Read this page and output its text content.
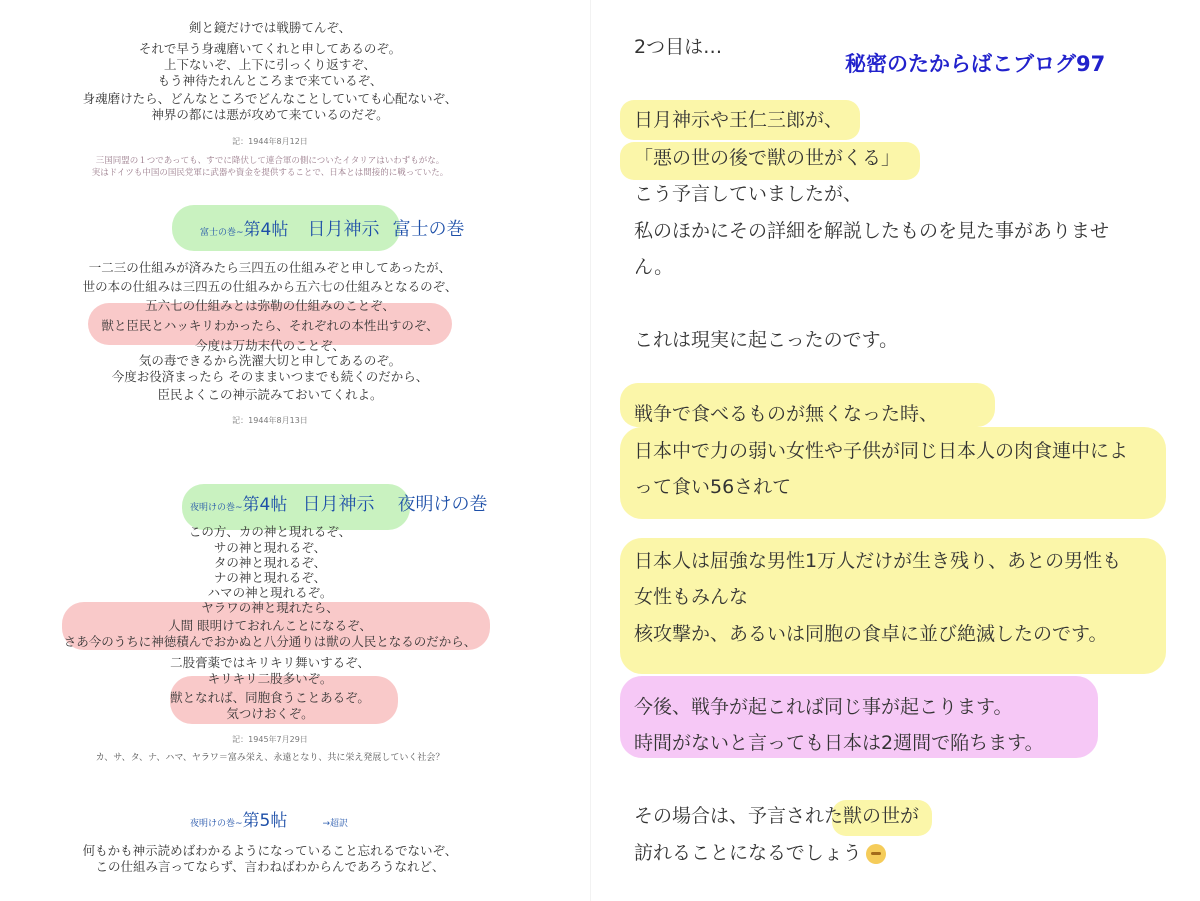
剣と鏡だけでは戦勝てんぞ、
それで早う身魂磨いてくれと申してあるのぞ。
上下ないぞ、上下に引っくり返すぞ、
もう神待たれんところまで来ているぞ、
身魂磨けたら、どんなところでどんなことしていても心配ないぞ、
神界の都には悪が攻めて来ているのだぞ。
記：1944年8月12日
三国同盟の１つであっても、すでに降伏して連合軍の側についたイタリアはいわずもがな。
実はドイツも中国の国民党軍に武器や資金を提供することで、日本とは間接的に戦っていた。
富士の巻~第4帖 日月神示 富士の巻
一二三の仕組みが済みたら三四五の仕組みぞと申してあったが、
世の本の仕組みは三四五の仕組みから五六七の仕組みとなるのぞ、
五六七の仕組みとは弥勒の仕組みのことぞ、
獣と臣民とハッキリわかったら、それぞれの本性出すのぞ、
今度は万劫末代のことぞ、
気の毒できるから洗濯大切と申してあるのぞ。
今度お役済まったら そのままいつまでも続くのだから、
臣民よくこの神示読みておいてくれよ。
記：1944年8月13日
夜明けの巻~第4帖 日月神示 夜明けの巻
この方、カの神と現れるぞ、
サの神と現れるぞ、
タの神と現れるぞ、
ナの神と現れるぞ、
ハマの神と現れるぞ。
ヤラワの神と現れたら、
人間 眼明けておれんことになるぞ、
さあ今のうちに神徳積んでおかぬと八分通りは獣の人民となるのだから、
二股膏薬ではキリキリ舞いするぞ、
キリキリ二股多いぞ。
獣となれば、同胞食うことあるぞ。
気つけおくぞ。
記：1945年7月29日
カ、サ、タ、ナ、ハマ、ヤラワ＝富み栄え、永遠となり、共に栄え発展していく社会？
夜明けの巻~第5帖	→超訳
何もかも神示読めばわかるようになっていること忘れるでないぞ、
この仕組み言ってならず、言わねばわからんであろうなれど、
2つ目は…
日月神示や王仁三郎が、
「悪の世の後で獣の世がくる」
こう予言していましたが、
私のほかにその詳細を解説したものを見た事がありませ
ん。
これは現実に起こったのです。
戦争で食べるものが無くなった時、
日本中で力の弱い女性や子供が同じ日本人の肉食連中によ
って食い56されて
日本人は屈強な男性1万人だけが生き残り、あとの男性も
女性もみんな
核攻撃か、あるいは同胞の食卓に並び絶滅したのです。
今後、戦争が起これば同じ事が起こります。
時間がないと言っても日本は2週間で陥ちます。
その場合は、予言された獣の世が
訪れることになるでしょう
秘密のたからばこブログ97
